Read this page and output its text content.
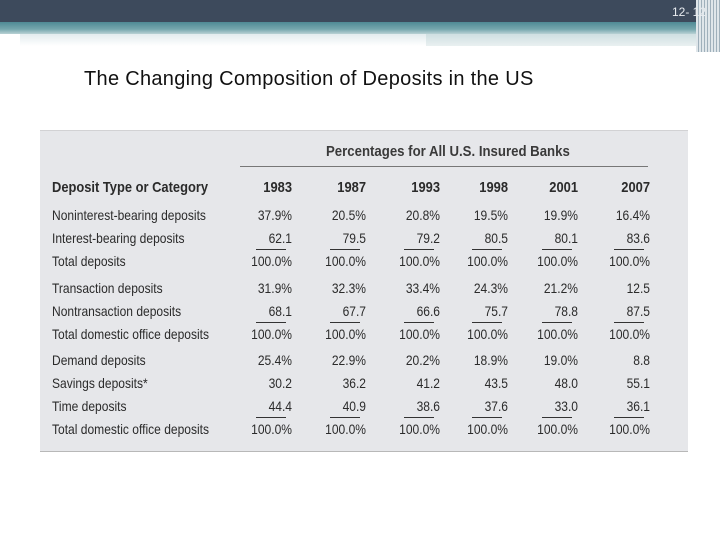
12- 12
The Changing Composition of Deposits in the US
Percentages for All U.S. Insured Banks
Deposit Type or Category	1983	1987	1993	1998	2001	2007
Noninterest-bearing deposits	37.9%	20.5%	20.8%	19.5%	19.9%	16.4%
Interest-bearing deposits	62.1	79.5	79.2	80.5	80.1	83.6
Total deposits	100.0%	100.0%	100.0%	100.0%	100.0%	100.0%
Transaction deposits	31.9%	32.3%	33.4%	24.3%	21.2%	12.5
Nontransaction deposits	68.1	67.7	66.6	75.7	78.8	87.5
Total domestic office deposits	100.0%	100.0%	100.0%	100.0%	100.0%	100.0%
Demand deposits	25.4%	22.9%	20.2%	18.9%	19.0%	8.8
Savings deposits*	30.2	36.2	41.2	43.5	48.0	55.1
Time deposits	44.4	40.9	38.6	37.6	33.0	36.1
Total domestic office deposits	100.0%	100.0%	100.0%	100.0%	100.0%	100.0%
